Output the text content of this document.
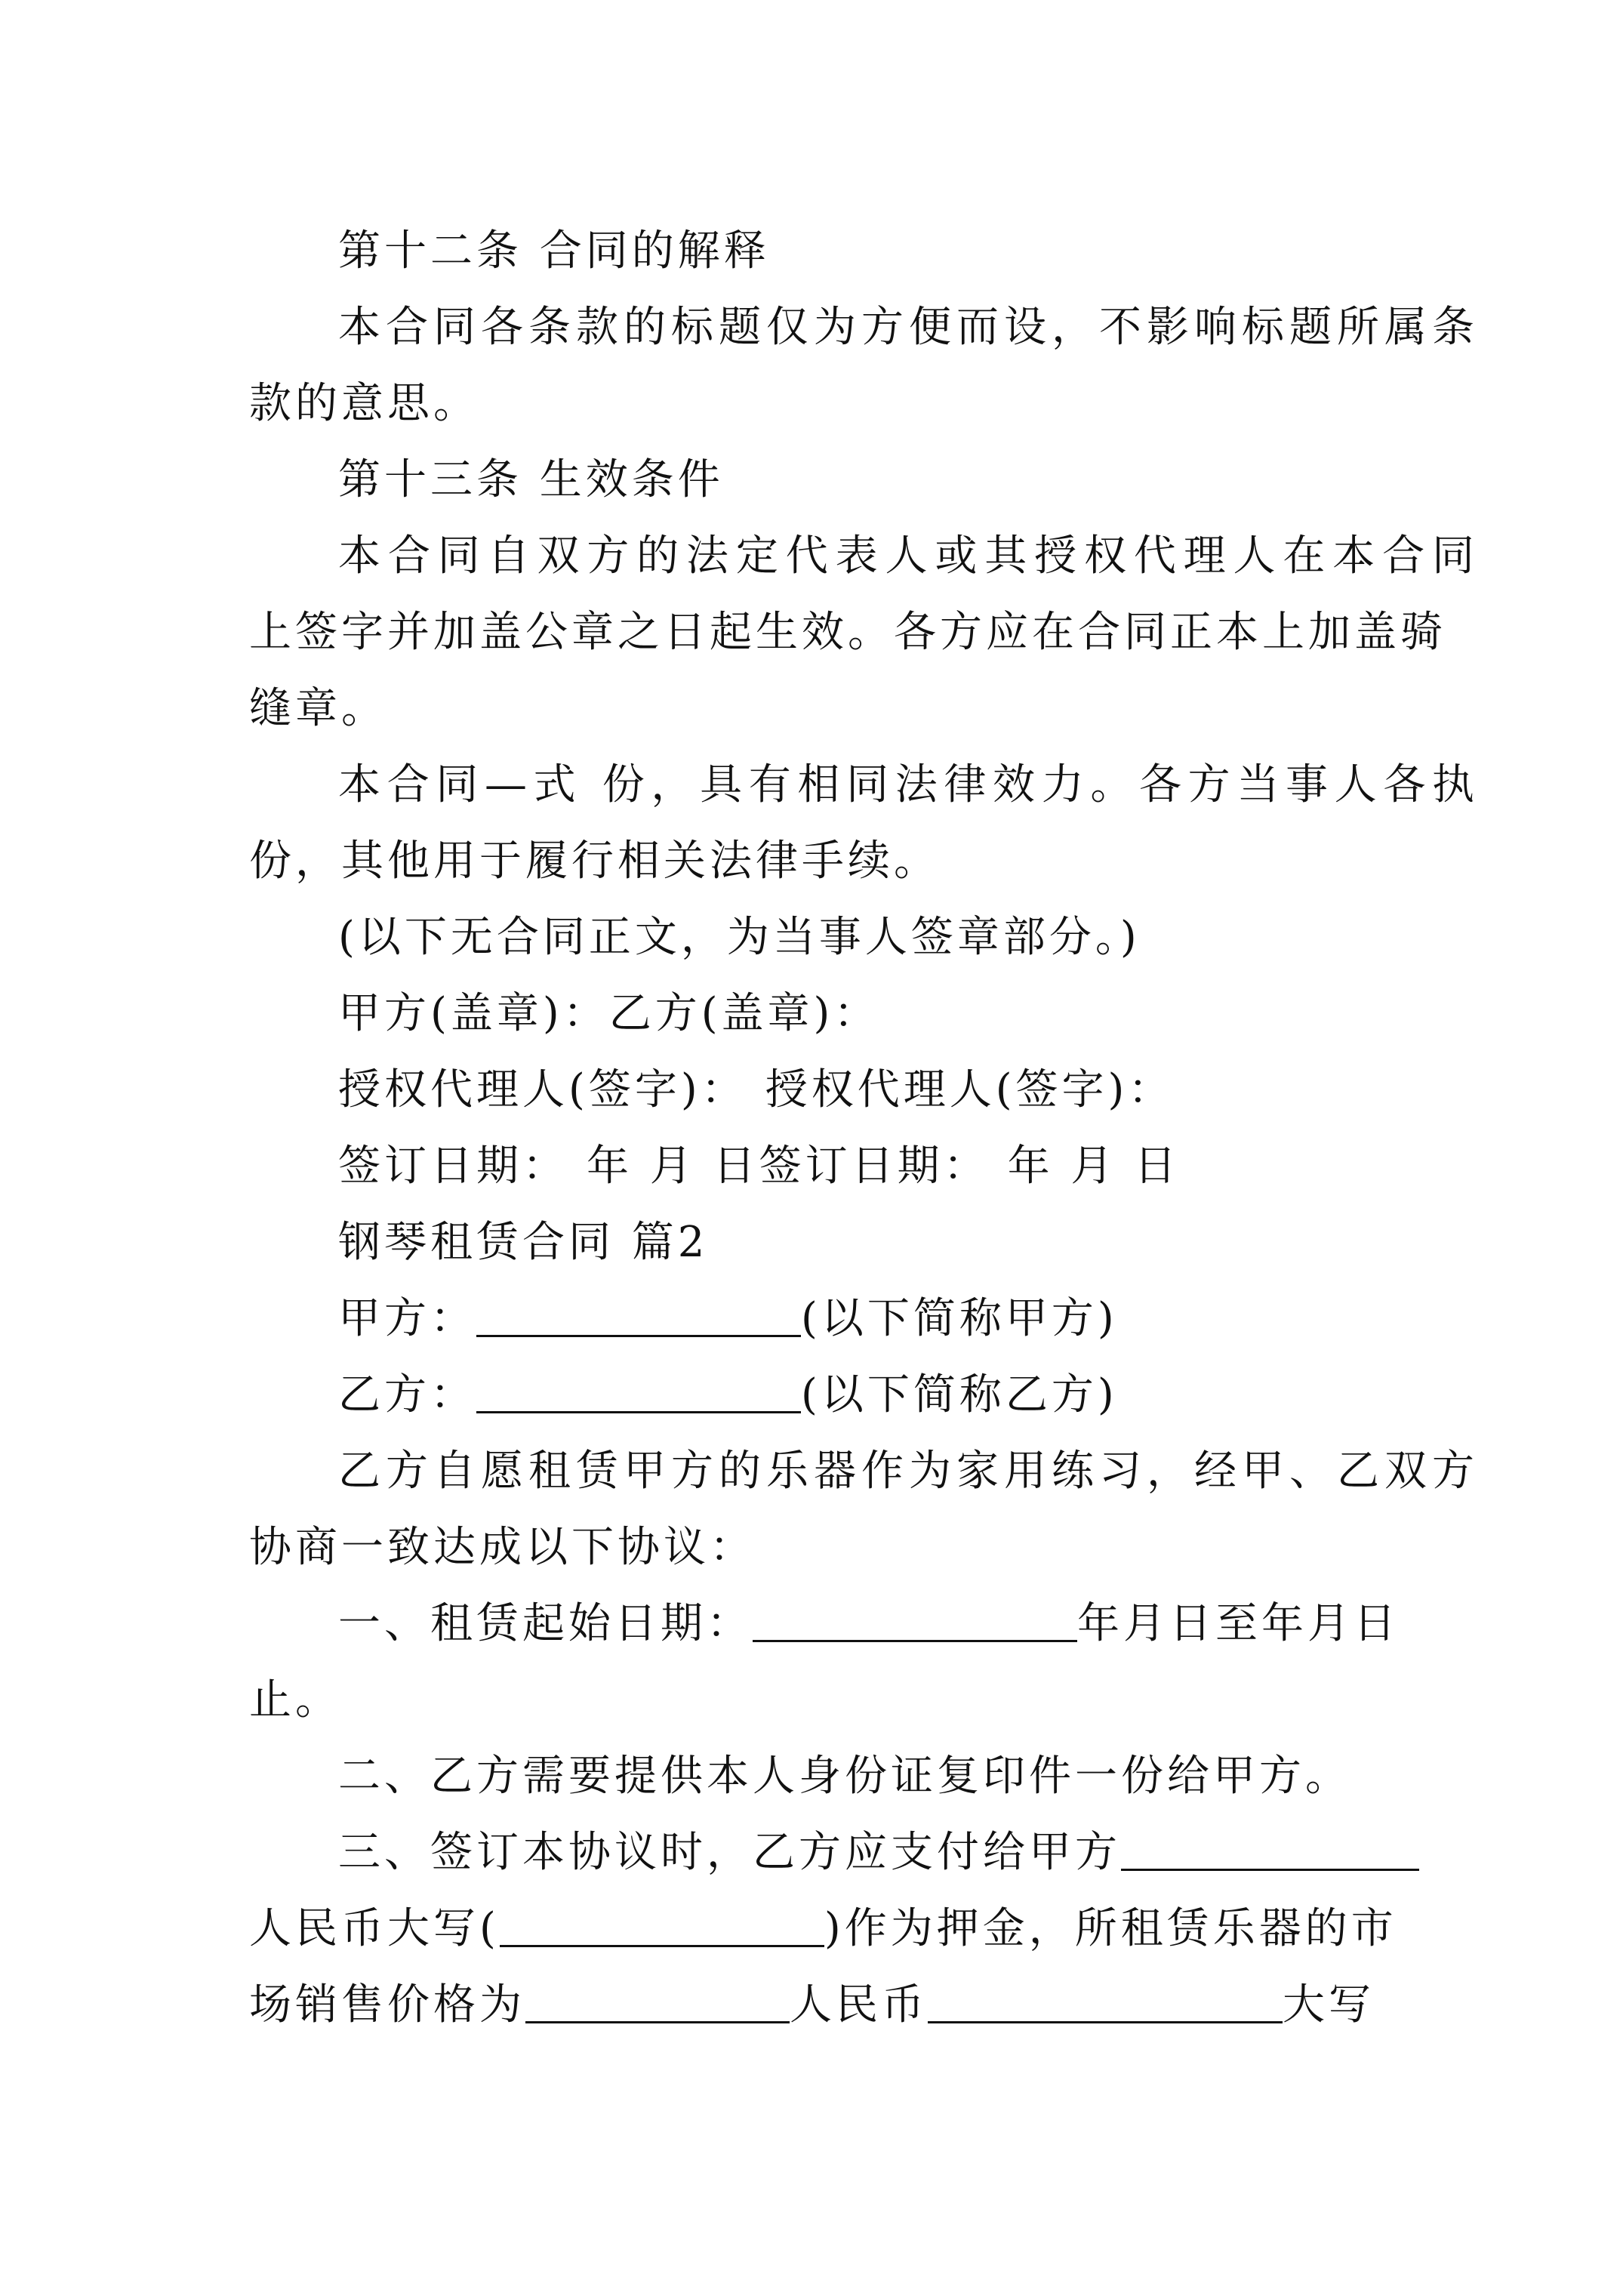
第十二条 合同的解释
本合同各条款的标题仅为方便而设，不影响标题所属条
款的意思。
第十三条 生效条件
本合同自双方的法定代表人或其授权代理人在本合同
上签字并加盖公章之日起生效。各方应在合同正本上加盖骑
缝章。
本合同—式 份，具有相同法律效力。各方当事人各执
份，其他用于履行相关法律手续。
(以下无合同正文，为当事人签章部分。)
甲方(盖章)：乙方(盖章)：
授权代理人(签字)： 授权代理人(签字)：
签订日期： 年 月 日签订日期： 年 月 日
钢琴租赁合同 篇2
甲方：	(以下简称甲方)
乙方：	(以下简称乙方)
乙方自愿租赁甲方的乐器作为家用练习，经甲、乙双方
协商一致达成以下协议：
一、租赁起始日期：	年月日至年月日
止。
二、乙方需要提供本人身份证复印件一份给甲方。
三、签订本协议时，乙方应支付给甲方
人民币大写(	)作为押金，所租赁乐器的市
场销售价格为	人民币	大写
